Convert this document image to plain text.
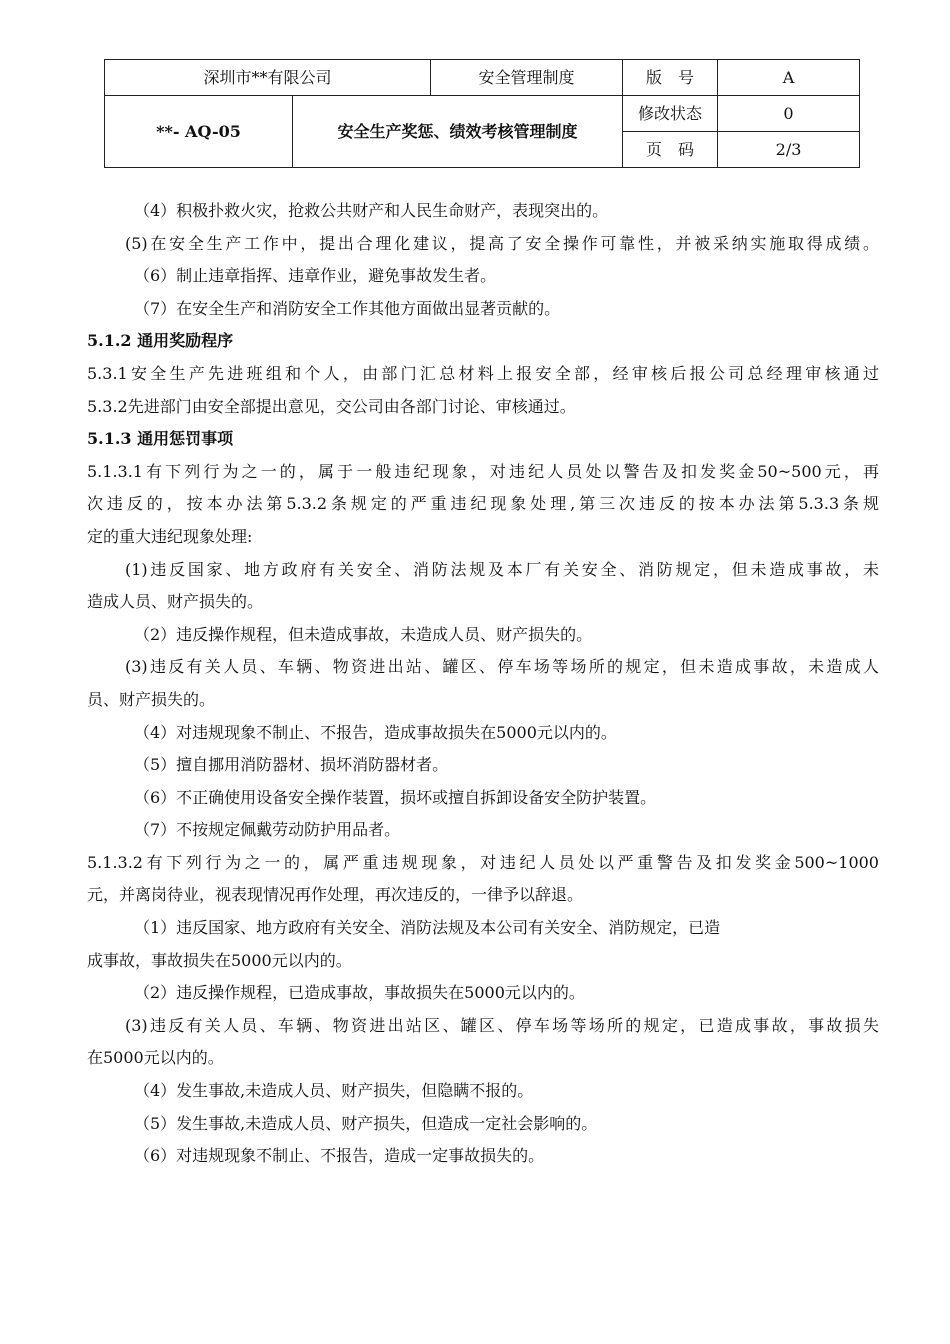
深圳市**有限公司		安全管理制度	版　号	A
**- AQ-05	安全生产奖惩、绩效考核管理制度		修改状态	0
			页　码	2/3
（4）积极扑救火灾，抢救公共财产和人民生命财产，表现突出的。
(5)在安全生产工作中，提出合理化建议，提高了安全操作可靠性，并被采纳实施取得成绩。
（6）制止违章指挥、违章作业，避免事故发生者。
（7）在安全生产和消防安全工作其他方面做出显著贡献的。
5.1.2 通用奖励程序
5.3.1安全生产先进班组和个人，由部门汇总材料上报安全部，经审核后报公司总经理审核通过
5.3.2先进部门由安全部提出意见，交公司由各部门讨论、审核通过。
5.1.3 通用惩罚事项
5.1.3.1有下列行为之一的，属于一般违纪现象，对违纪人员处以警告及扣发奖金50~500元，再
次违反的，按本办法第5.3.2条规定的严重违纪现象处理,第三次违反的按本办法第5.3.3条规
定的重大违纪现象处理:
(1)违反国家、地方政府有关安全、消防法规及本厂有关安全、消防规定，但未造成事故，未
造成人员、财产损失的。
（2）违反操作规程，但未造成事故，未造成人员、财产损失的。
(3)违反有关人员、车辆、物资进出站、罐区、停车场等场所的规定，但未造成事故，未造成人
员、财产损失的。
（4）对违规现象不制止、不报告，造成事故损失在5000元以内的。
（5）擅自挪用消防器材、损坏消防器材者。
（6）不正确使用设备安全操作装置，损坏或擅自拆卸设备安全防护装置。
（7）不按规定佩戴劳动防护用品者。
5.1.3.2有下列行为之一的，属严重违规现象，对违纪人员处以严重警告及扣发奖金500~1000
元，并离岗待业，视表现情况再作处理，再次违反的，一律予以辞退。
（1）违反国家、地方政府有关安全、消防法规及本公司有关安全、消防规定，已造
成事故，事故损失在5000元以内的。
（2）违反操作规程，已造成事故，事故损失在5000元以内的。
(3)违反有关人员、车辆、物资进出站区、罐区、停车场等场所的规定，已造成事故，事故损失
在5000元以内的。
（4）发生事故,未造成人员、财产损失，但隐瞒不报的。
（5）发生事故,未造成人员、财产损失，但造成一定社会影响的。
（6）对违规现象不制止、不报告，造成一定事故损失的。
